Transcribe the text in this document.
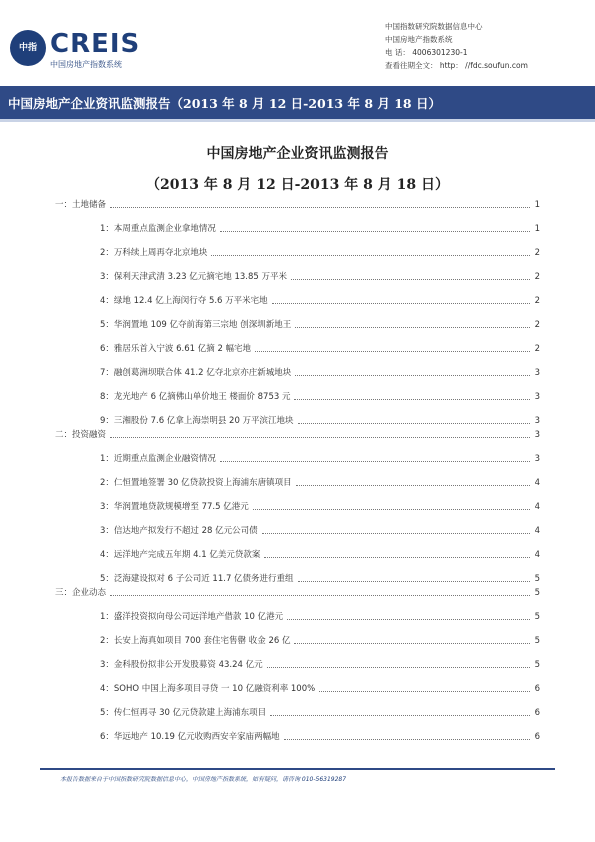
中指 CREIS
中国房地产指数系统
中国指数研究院数据信息中心
中国房地产指数系统
电 话： 4006301230-1
查看往期全文： http： //fdc.soufun.com
中国房地产企业资讯监测报告（2013 年 8 月 12 日-2013 年 8 月 18 日）
中国房地产企业资讯监测报告
（2013 年 8 月 12 日-2013 年 8 月 18 日）
一：土地储备	1
1：本周重点监测企业拿地情况	1
2：万科续上周再夺北京地块	2
3：保利天津武清 3.23 亿元摘宅地 13.85 万平米	2
4：绿地 12.4 亿上海闵行夺 5.6 万平米宅地	2
5：华润置地 109 亿夺前海第三宗地 创深圳新地王	2
6：雅居乐首入宁波 6.61 亿摘 2 幅宅地	2
7：融创葛洲坝联合体 41.2 亿夺北京亦庄新城地块	3
8：龙光地产 6 亿摘佛山单价地王 楼面价 8753 元	3
9：三湘股份 7.6 亿拿上海崇明县 20 万平滨江地块	3
二：投资融资	3
1：近期重点监测企业融资情况	3
2：仁恒置地签署 30 亿贷款投资上海浦东唐镇项目	4
3：华润置地贷款规模增至 77.5 亿港元	4
3：信达地产拟发行不超过 28 亿元公司债	4
4：远洋地产完成五年期 4.1 亿美元贷款案	4
5：泛海建设拟对 6 子公司近 11.7 亿债务进行重组	5
三：企业动态	5
1：盛洋投资拟向母公司远洋地产借款 10 亿港元	5
2：长安上海真如项目 700 套住宅售罄 收金 26 亿	5
3：金科股份拟非公开发股募资 43.24 亿元	5
4：SOHO 中国上海多项目寻贷 一 10 亿融资利率 100%	6
5：传仁恒再寻 30 亿元贷款建上海浦东项目	6
6：华远地产 10.19 亿元收购西安辛家庙两幅地	6
本报告数据来自于中国指数研究院数据信息中心，中国房地产指数系统，如有疑问，请咨询 010-56319287
